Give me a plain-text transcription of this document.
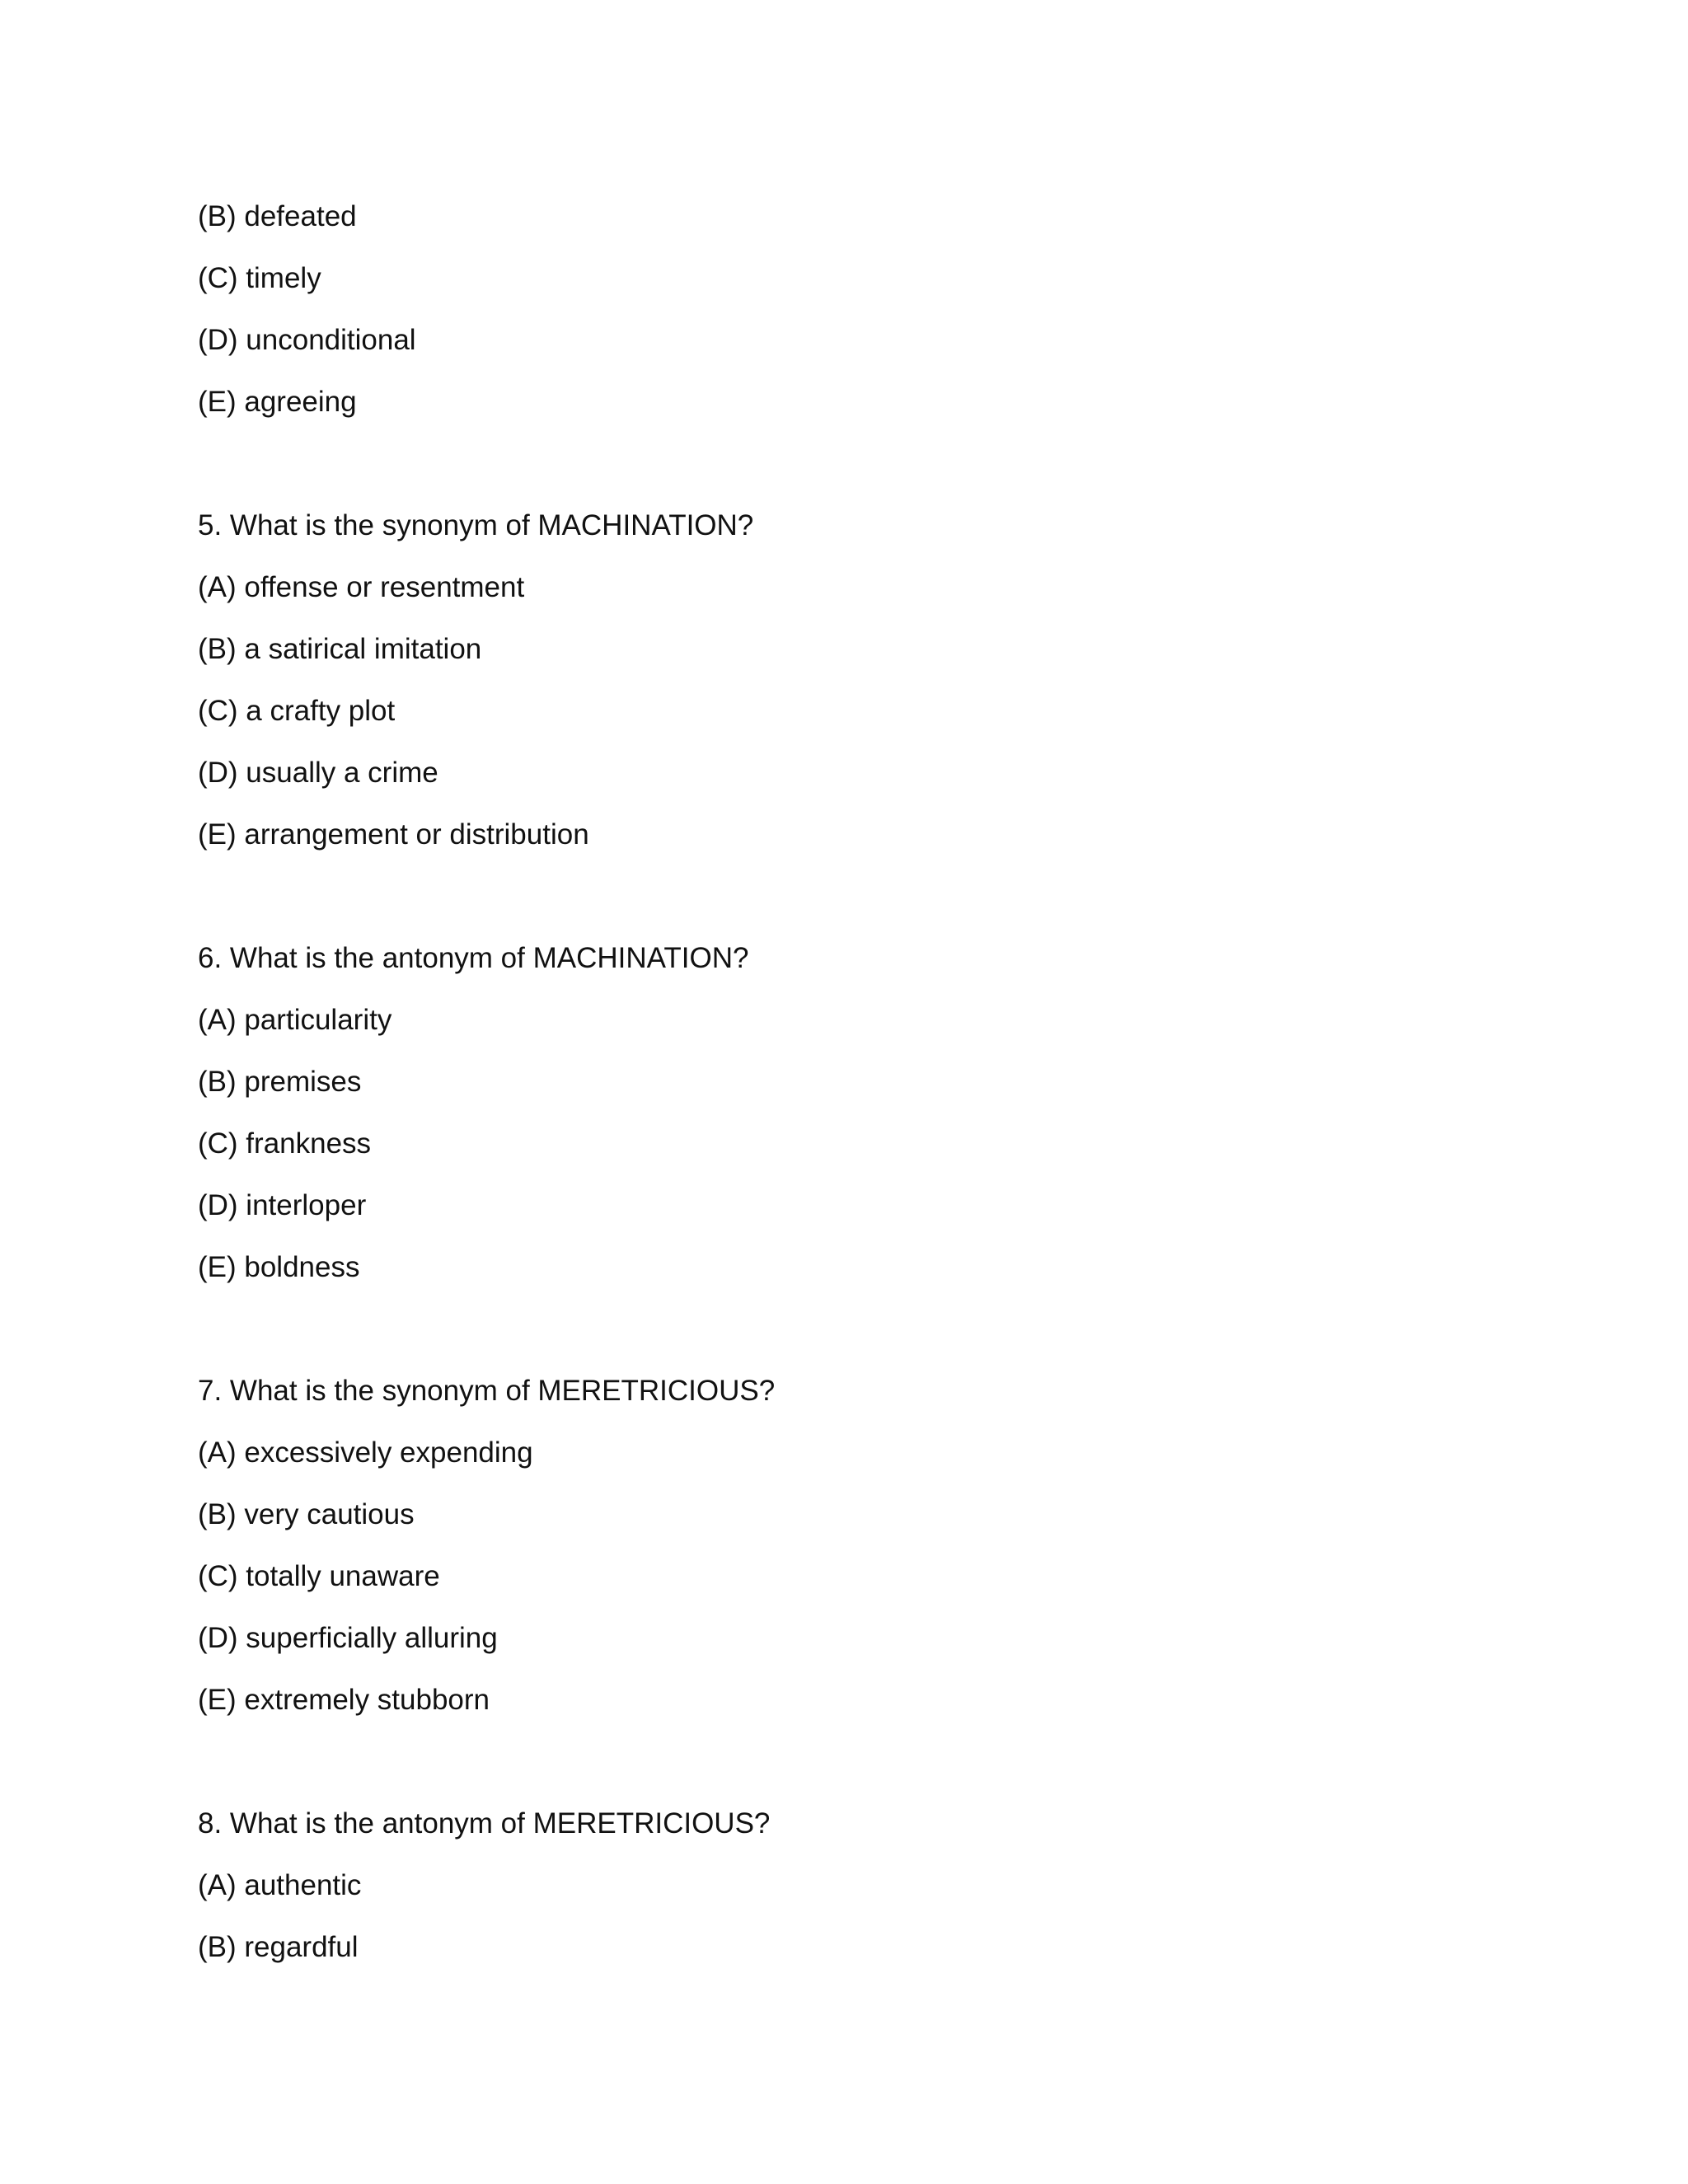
(B) defeated
(C) timely
(D) unconditional
(E) agreeing
5. What is the synonym of MACHINATION?
(A) offense or resentment
(B) a satirical imitation
(C) a crafty plot
(D) usually a crime
(E) arrangement or distribution
6. What is the antonym of MACHINATION?
(A) particularity
(B) premises
(C) frankness
(D) interloper
(E) boldness
7. What is the synonym of MERETRICIOUS?
(A) excessively expending
(B) very cautious
(C) totally unaware
(D) superficially alluring
(E) extremely stubborn
8. What is the antonym of MERETRICIOUS?
(A) authentic
(B) regardful
